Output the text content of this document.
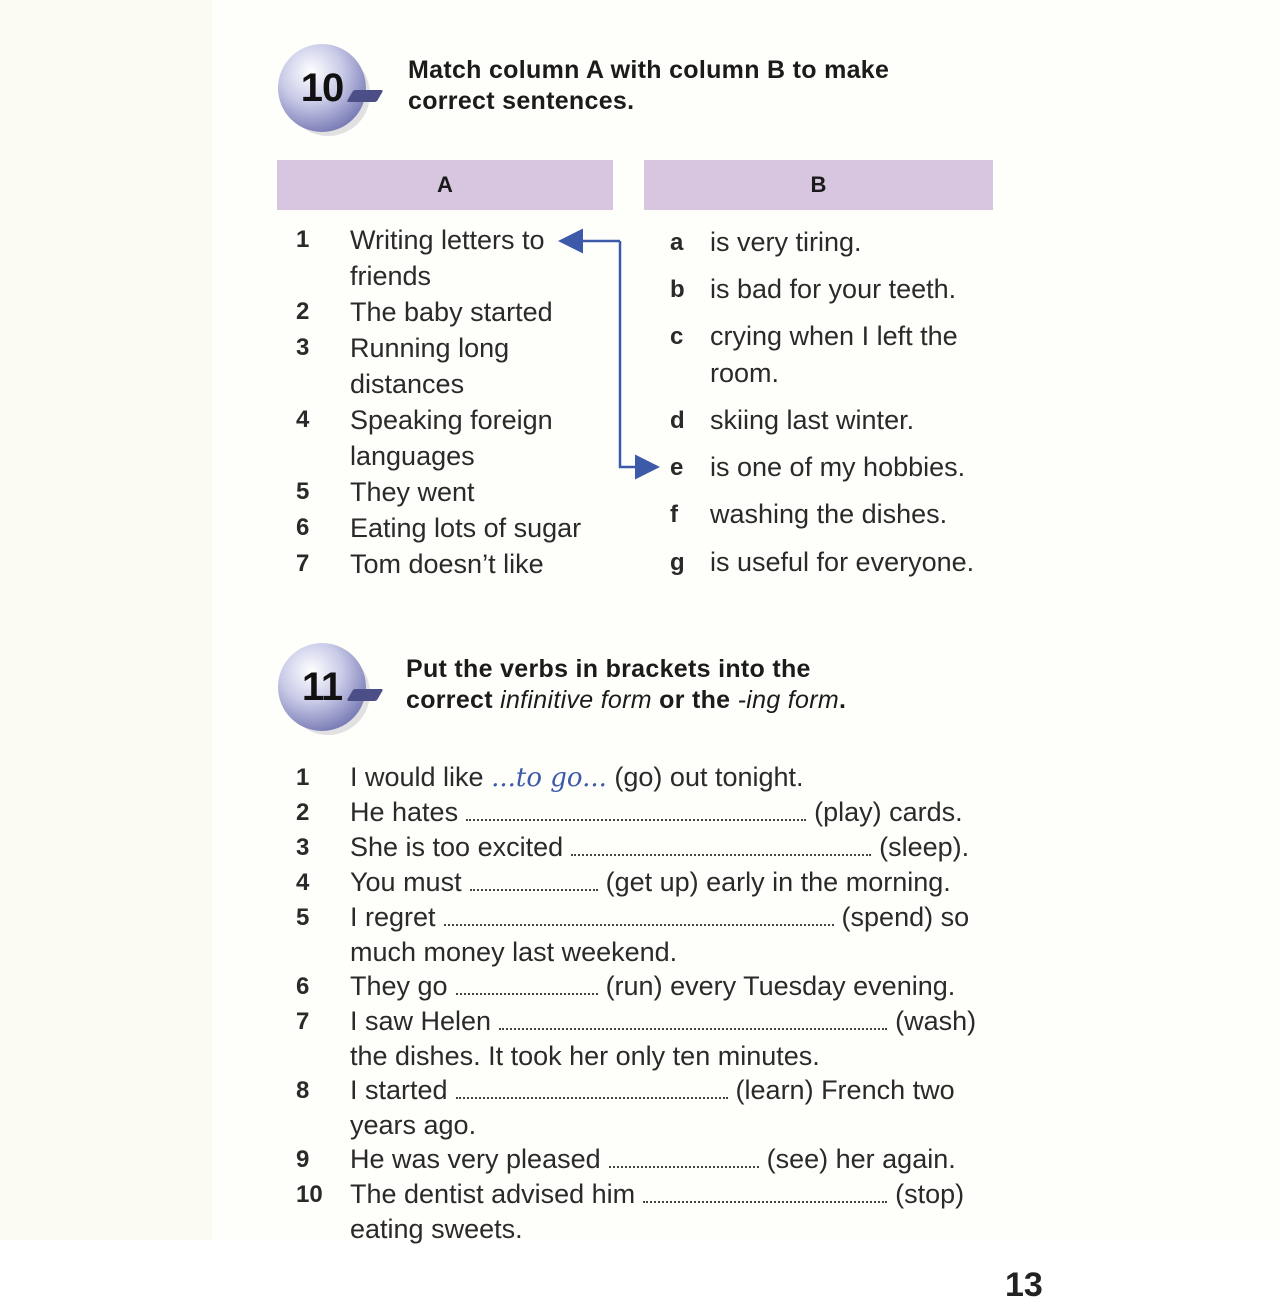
13
10	Match column A with column B to make
correct sentences.
A	B
1	Writing letters to
friends
2	The baby started
3	Running long
distances
4	Speaking foreign
languages
5	They went
6	Eating lots of sugar
7	Tom doesn’t like
a is very tiring.
b is bad for your teeth.
c crying when I left the
room.
d skiing last winter.
e is one of my hobbies.
f	washing the dishes.
g is useful for everyone.
11	Put the verbs in brackets into the
correct infinitive form or the -ing form.
1	I would like ...to go... (go) out tonight.
2	He hates	(play) cards.
3	She is too excited	(sleep).
4	You must	(get up) early in the morning.
5	I regret	(spend) so
much money last weekend.
6	They go	(run) every Tuesday evening.
7	I saw Helen	(wash)
the dishes. It took her only ten minutes.
8	I started	(learn) French two
years ago.
9	He was very pleased	(see) her again.
10 The dentist advised him	(stop)
eating sweets.
